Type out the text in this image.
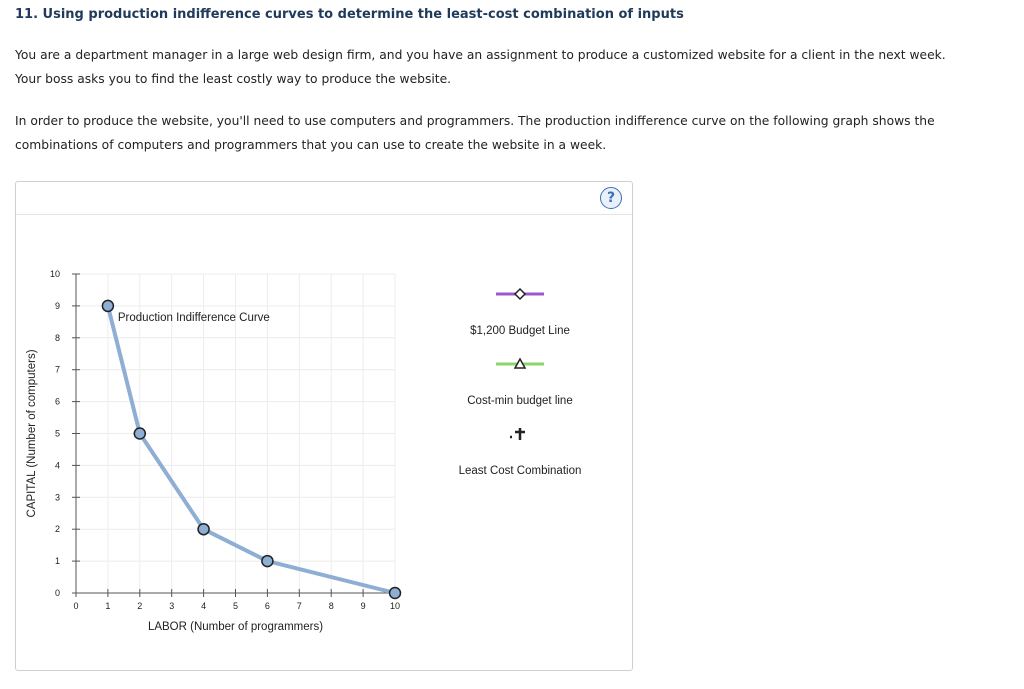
11. Using production indifference curves to determine the least-cost combination of inputs
You are a department manager in a large web design firm, and you have an assignment to produce a customized website for a client in the next week.
Your boss asks you to find the least costly way to produce the website.
In order to produce the website, you'll need to use computers and programmers. The production indifference curve on the following graph shows the
combinations of computers and programmers that you can use to create the website in a week.
?
0	1	2	3	4	5	6	7	8	9	10
0
1
2
3
4
5
6
7
8
9
10
Production Indifference Curve
LABOR (Number of programmers)
CAPITAL (Number of computers)
$1,200 Budget Line
Cost-min budget line
Least Cost Combination
